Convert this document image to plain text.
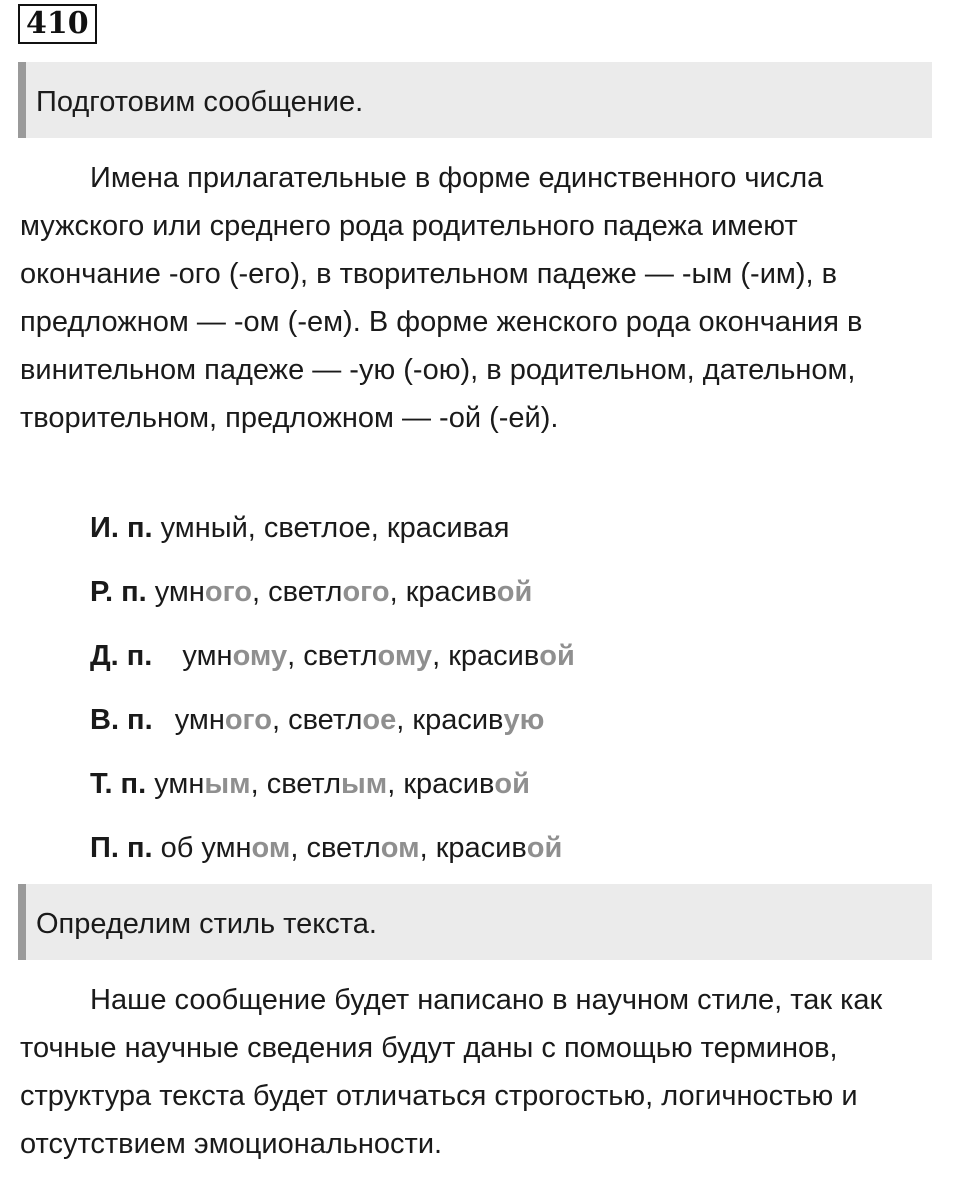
410
Подготовим сообщение.

Имена прилагательные в форме единственного числа мужского или среднего рода родительного падежа имеют окончание -ого (-его), в творительном падеже — -ым (-им), в предложном — -ом (-ем). В форме женского рода окончания в винительном падеже — -ую (-ою), в родительном, дательном, творительном, предложном — -ой (-ей).

И. п. умный, светлое, красивая
Р. п. умного, светлого, красивой
Д. п. умному, светлому, красивой
В. п. умного, светлое, красивую
Т. п. умным, светлым, красивой
П. п. об умном, светлом, красивой
Определим стиль текста.

Наше сообщение будет написано в научном стиле, так как точные научные сведения будут даны с помощью терминов, структура текста будет отличаться строгостью, логичностью и отсутствием эмоциональности.
